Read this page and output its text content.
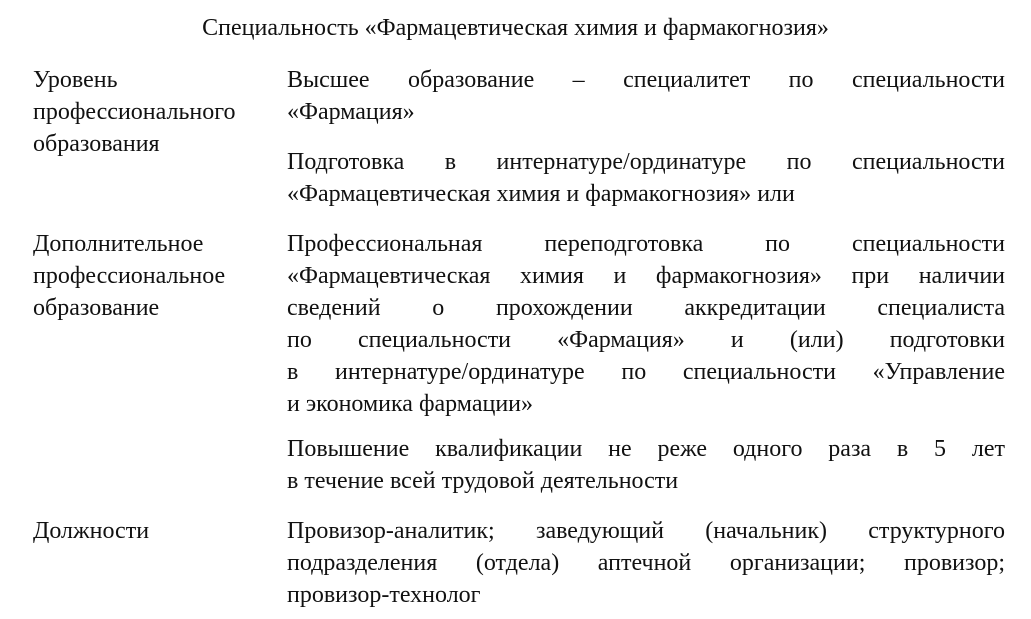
Специальность «Фармацевтическая химия и фармакогнозия»
Уровень
профессионального
образования
Высшее образование – специалитет по специальности
«Фармация»
Подготовка в интернатуре/ординатуре по специальности
«Фармацевтическая химия и фармакогнозия» или
Дополнительное
профессиональное
образование
Профессиональная переподготовка по специальности
«Фармацевтическая химия и фармакогнозия» при наличии
сведений о прохождении аккредитации специалиста
по специальности «Фармация» и (или) подготовки
в интернатуре/ординатуре по специальности «Управление
и экономика фармации»
Повышение квалификации не реже одного раза в 5 лет
в течение всей трудовой деятельности
Должности	Провизор-аналитик; заведующий (начальник) структурного
подразделения (отдела) аптечной организации; провизор;
провизор-технолог
